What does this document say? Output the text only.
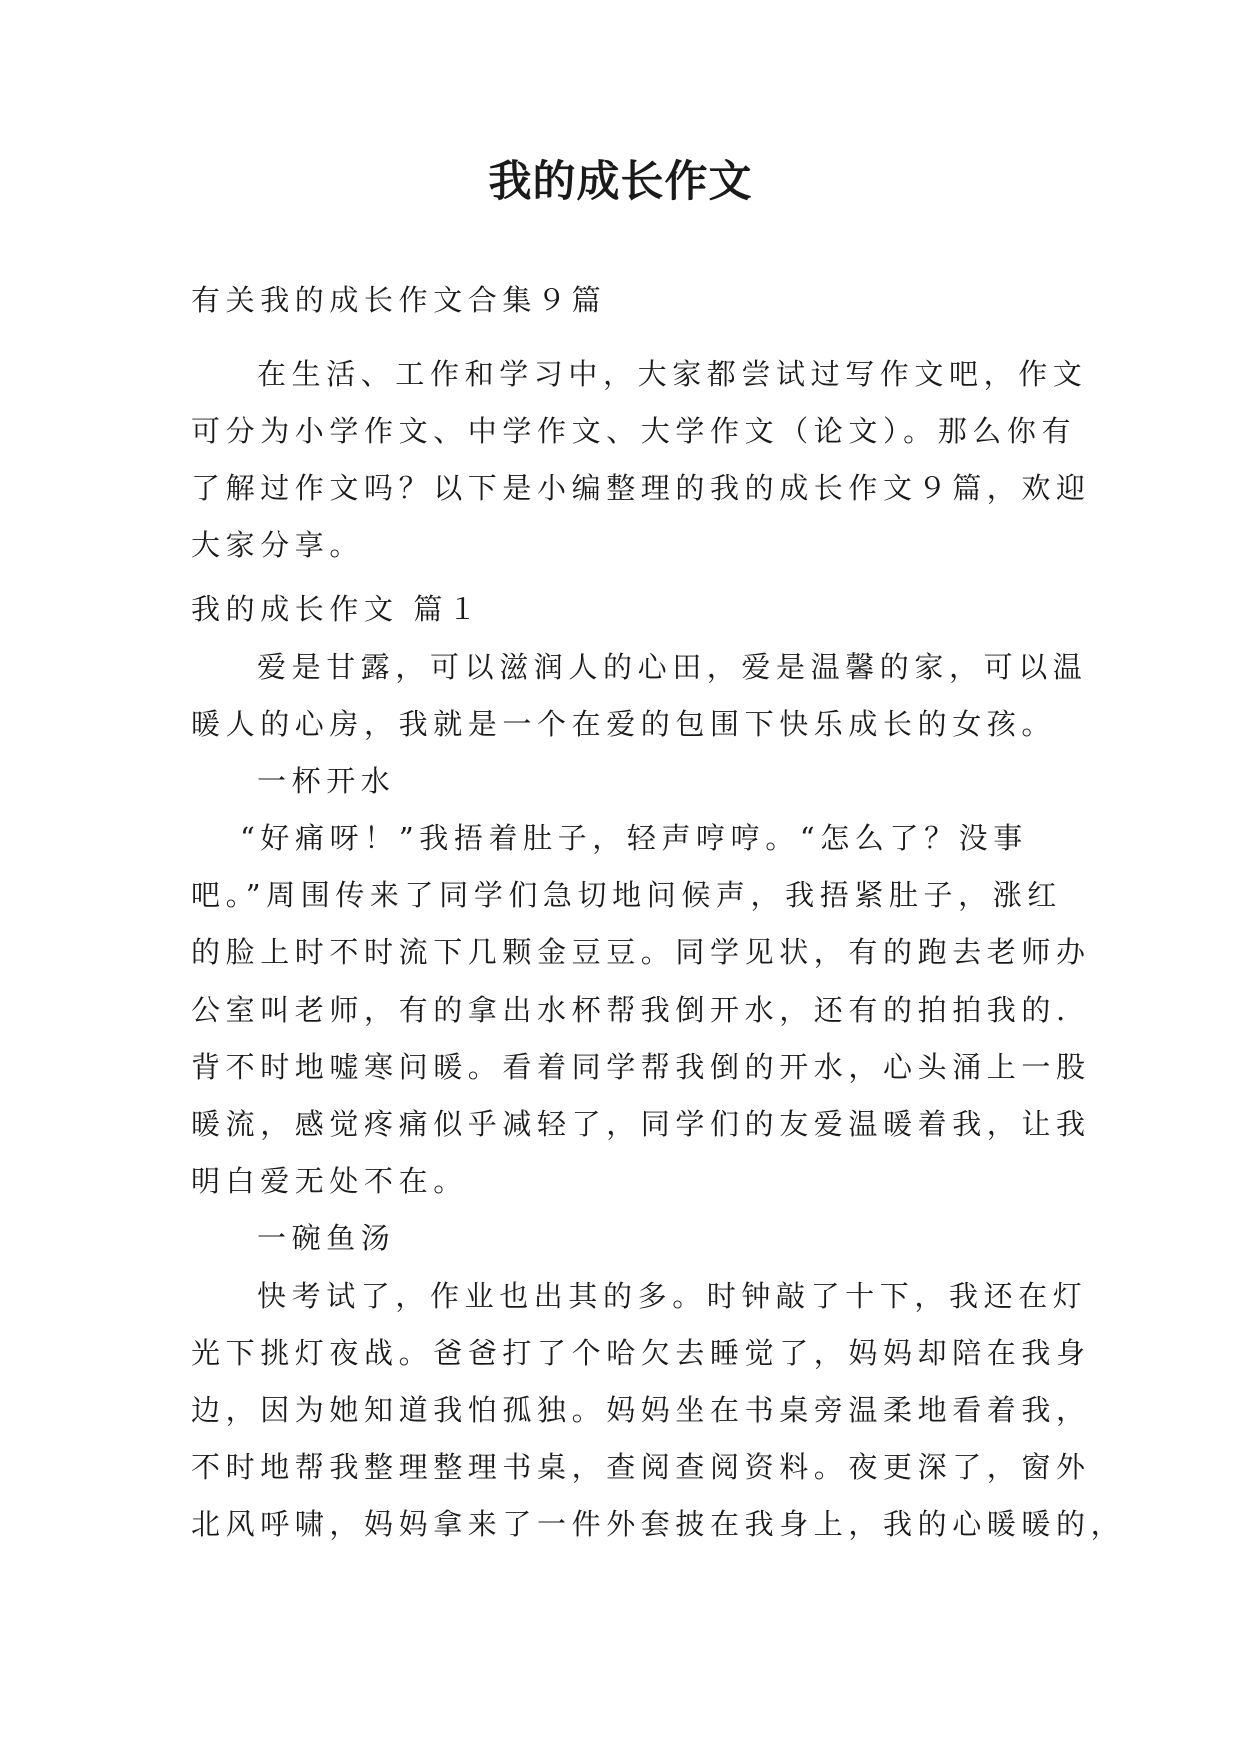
我的成长作文
有关我的成长作文合集９篇
在生活、工作和学习中，大家都尝试过写作文吧，作文
可分为小学作文、中学作文、大学作文（论文）。那么你有
了解过作文吗？以下是小编整理的我的成长作文９篇，欢迎
大家分享。
我的成长作文 篇１
爱是甘露，可以滋润人的心田，爱是温馨的家，可以温
暖人的心房，我就是一个在爱的包围下快乐成长的女孩。
一杯开水
“好痛呀！”我捂着肚子，轻声哼哼。“怎么了？没事
吧。”周围传来了同学们急切地问候声，我捂紧肚子，涨红
的脸上时不时流下几颗金豆豆。同学见状，有的跑去老师办
公室叫老师，有的拿出水杯帮我倒开水，还有的拍拍我的.
背不时地嘘寒问暖。看着同学帮我倒的开水，心头涌上一股
暖流，感觉疼痛似乎减轻了，同学们的友爱温暖着我，让我
明白爱无处不在。
一碗鱼汤
快考试了，作业也出其的多。时钟敲了十下，我还在灯
光下挑灯夜战。爸爸打了个哈欠去睡觉了，妈妈却陪在我身
边，因为她知道我怕孤独。妈妈坐在书桌旁温柔地看着我，
不时地帮我整理整理书桌，查阅查阅资料。夜更深了，窗外
北风呼啸，妈妈拿来了一件外套披在我身上，我的心暖暖的，
